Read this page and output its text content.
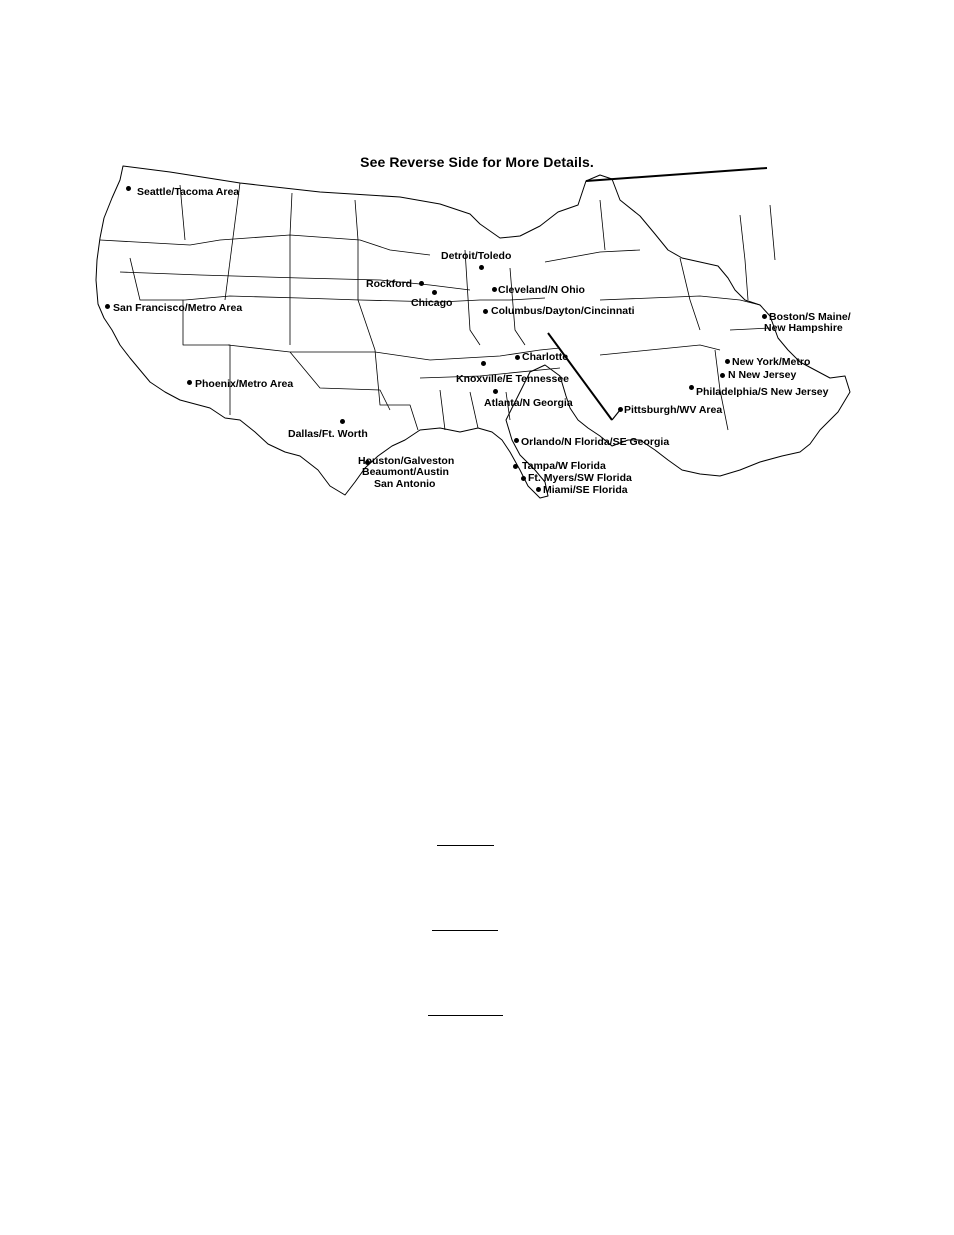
See Reverse Side for More Details.
Seattle/Tacoma Area
San Francisco/Metro Area
Phoenix/Metro Area
Dallas/Ft. Worth
Houston/Galveston
Beaumont/Austin
San Antonio
Rockford
Chicago
Detroit/Toledo
Cleveland/N Ohio
Columbus/Dayton/Cincinnati
Charlotte
Knoxville/E Tennessee
Atlanta/N Georgia
Orlando/N Florida/SE Georgia
Tampa/W Florida
Ft. Myers/SW Florida
Miami/SE Florida
Pittsburgh/WV Area
Philadelphia/S New Jersey
N New Jersey
New York/Metro
Boston/S Maine/
New Hampshire
